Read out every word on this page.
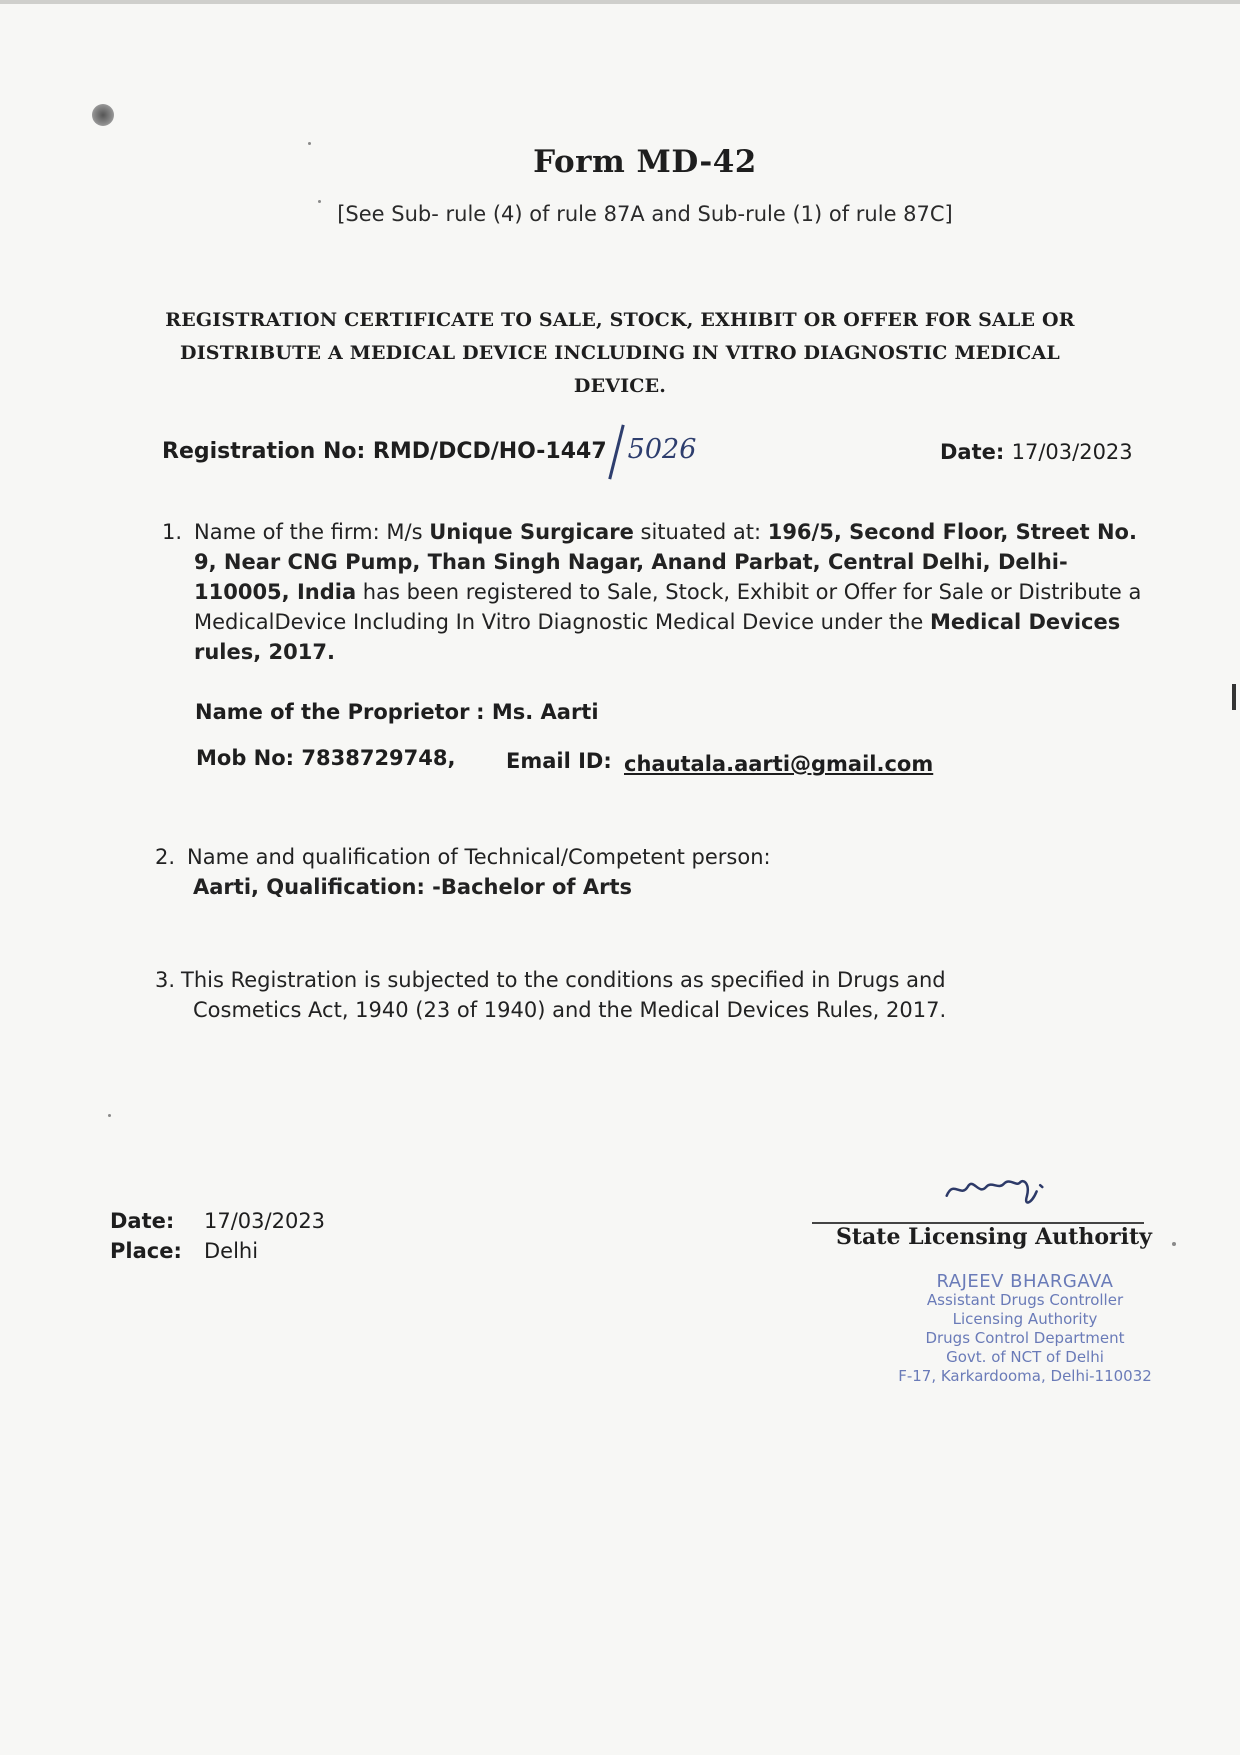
Form MD-42
[See Sub- rule (4) of rule 87A and Sub-rule (1) of rule 87C]
REGISTRATION CERTIFICATE TO SALE, STOCK, EXHIBIT OR OFFER FOR SALE OR
DISTRIBUTE A MEDICAL DEVICE INCLUDING IN VITRO DIAGNOSTIC MEDICAL DEVICE.
Registration No: RMD/DCD/HO-1447 5026	Date: 17/03/2023
1. Name of the firm: M/s Unique Surgicare situated at: 196/5, Second Floor, Street No. 9, Near CNG Pump, Than Singh Nagar, Anand Parbat, Central Delhi, Delhi-110005, India has been registered to Sale, Stock, Exhibit or Offer for Sale or Distribute a MedicalDevice Including In Vitro Diagnostic Medical Device under the Medical Devices rules, 2017.
Name of the Proprietor : Ms. Aarti
Mob No: 7838729748, Email ID: chautala.aarti@gmail.com
2. Name and qualification of Technical/Competent person:
Aarti, Qualification: -Bachelor of Arts
3. This Registration is subjected to the conditions as specified in Drugs and
Cosmetics Act, 1940 (23 of 1940) and the Medical Devices Rules, 2017.
Date: 17/03/2023
Place: Delhi
State Licensing Authority
RAJEEV BHARGAVA
Assistant Drugs Controller
Licensing Authority
Drugs Control Department
Govt. of NCT of Delhi
F-17, Karkardooma, Delhi-110032
